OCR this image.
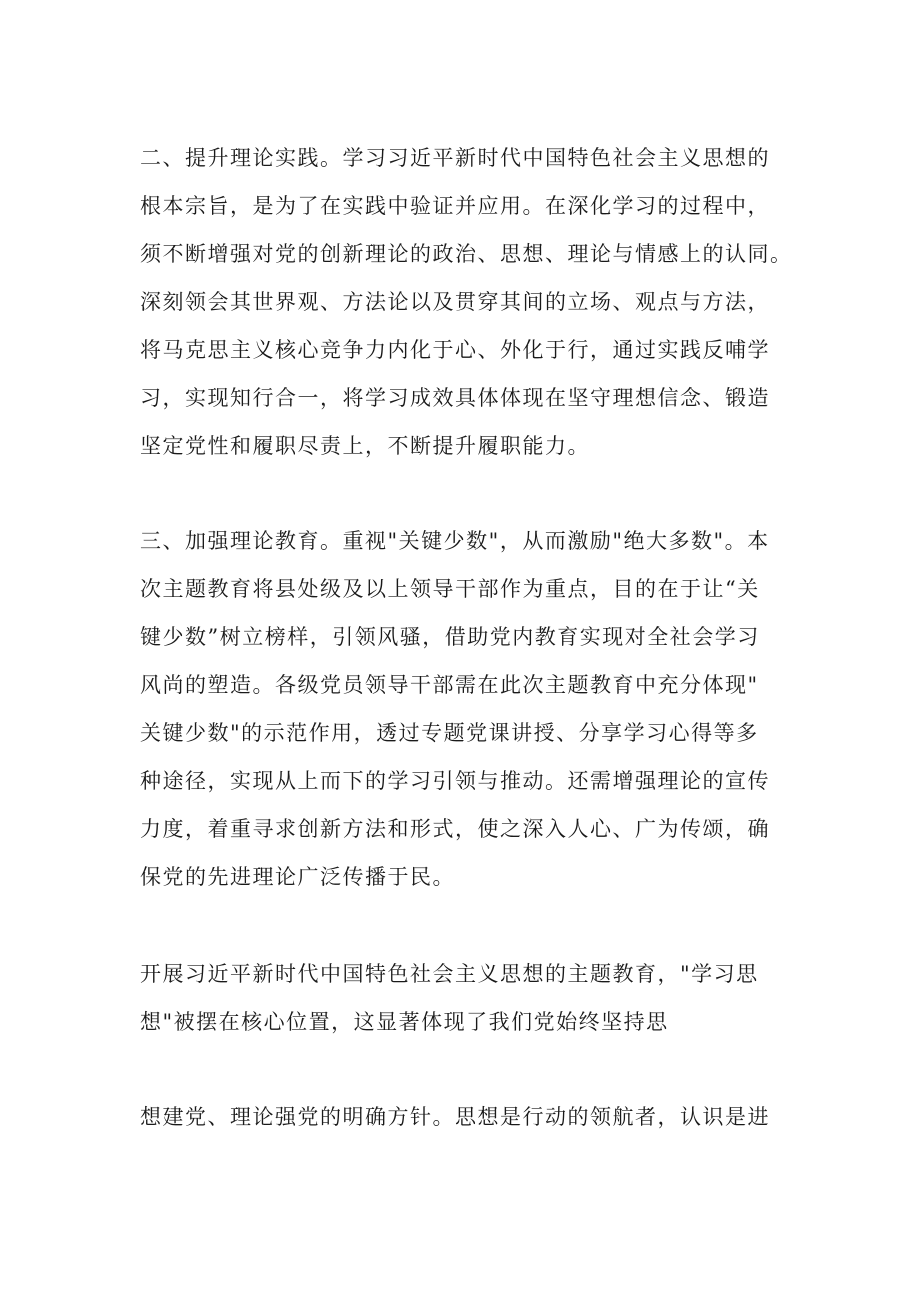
二、提升理论实践。学习习近平新时代中国特色社会主义思想的
根本宗旨，是为了在实践中验证并应用。在深化学习的过程中，
须不断增强对党的创新理论的政治、思想、理论与情感上的认同。
深刻领会其世界观、方法论以及贯穿其间的立场、观点与方法，
将马克思主义核心竞争力内化于心、外化于行，通过实践反哺学
习，实现知行合一，将学习成效具体体现在坚守理想信念、锻造
坚定党性和履职尽责上，不断提升履职能力。
三、加强理论教育。重视"关键少数"，从而激励"绝大多数"。本
次主题教育将县处级及以上领导干部作为重点，目的在于让“关
键少数”树立榜样，引领风骚，借助党内教育实现对全社会学习
风尚的塑造。各级党员领导干部需在此次主题教育中充分体现"
关键少数"的示范作用，透过专题党课讲授、分享学习心得等多
种途径，实现从上而下的学习引领与推动。还需增强理论的宣传
力度，着重寻求创新方法和形式，使之深入人心、广为传颂，确
保党的先进理论广泛传播于民。
开展习近平新时代中国特色社会主义思想的主题教育，"学习思
想"被摆在核心位置，这显著体现了我们党始终坚持思
想建党、理论强党的明确方针。思想是行动的领航者，认识是进
